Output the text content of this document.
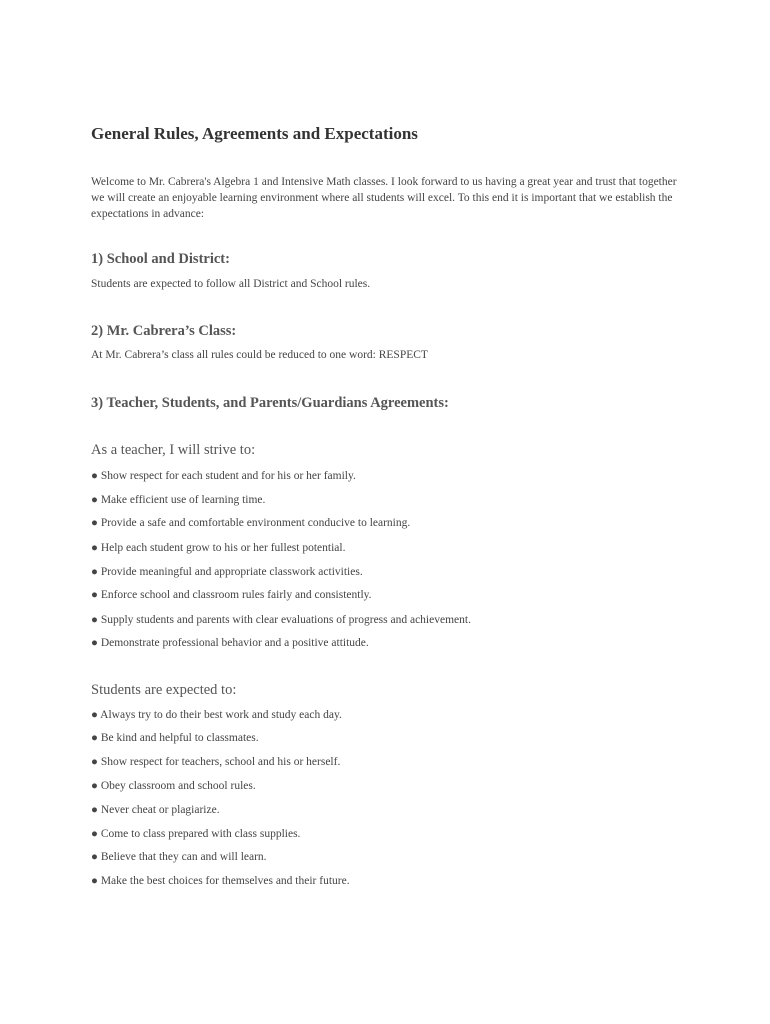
General Rules, Agreements and Expectations

Welcome to Mr. Cabrera's Algebra 1 and Intensive Math classes. I look forward to us having a great year and trust that together we will create an enjoyable learning environment where all students will excel. To this end it is important that we establish the expectations in advance:

1) School and District:

Students are expected to follow all District and School rules.

2) Mr. Cabrera’s Class:

At Mr. Cabrera’s class all rules could be reduced to one word: RESPECT

3) Teacher, Students, and Parents/Guardians Agreements:
As a teacher, I will strive to:
● Show respect for each student and for his or her family.
● Make efficient use of learning time.
● Provide a safe and comfortable environment conducive to learning.
● Help each student grow to his or her fullest potential.
● Provide meaningful and appropriate classwork activities.
● Enforce school and classroom rules fairly and consistently.
● Supply students and parents with clear evaluations of progress and achievement.
● Demonstrate professional behavior and a positive attitude.
Students are expected to:
● Always try to do their best work and study each day.
● Be kind and helpful to classmates.
● Show respect for teachers, school and his or herself.
● Obey classroom and school rules.
● Never cheat or plagiarize.
● Come to class prepared with class supplies.
● Believe that they can and will learn.
● Make the best choices for themselves and their future.
